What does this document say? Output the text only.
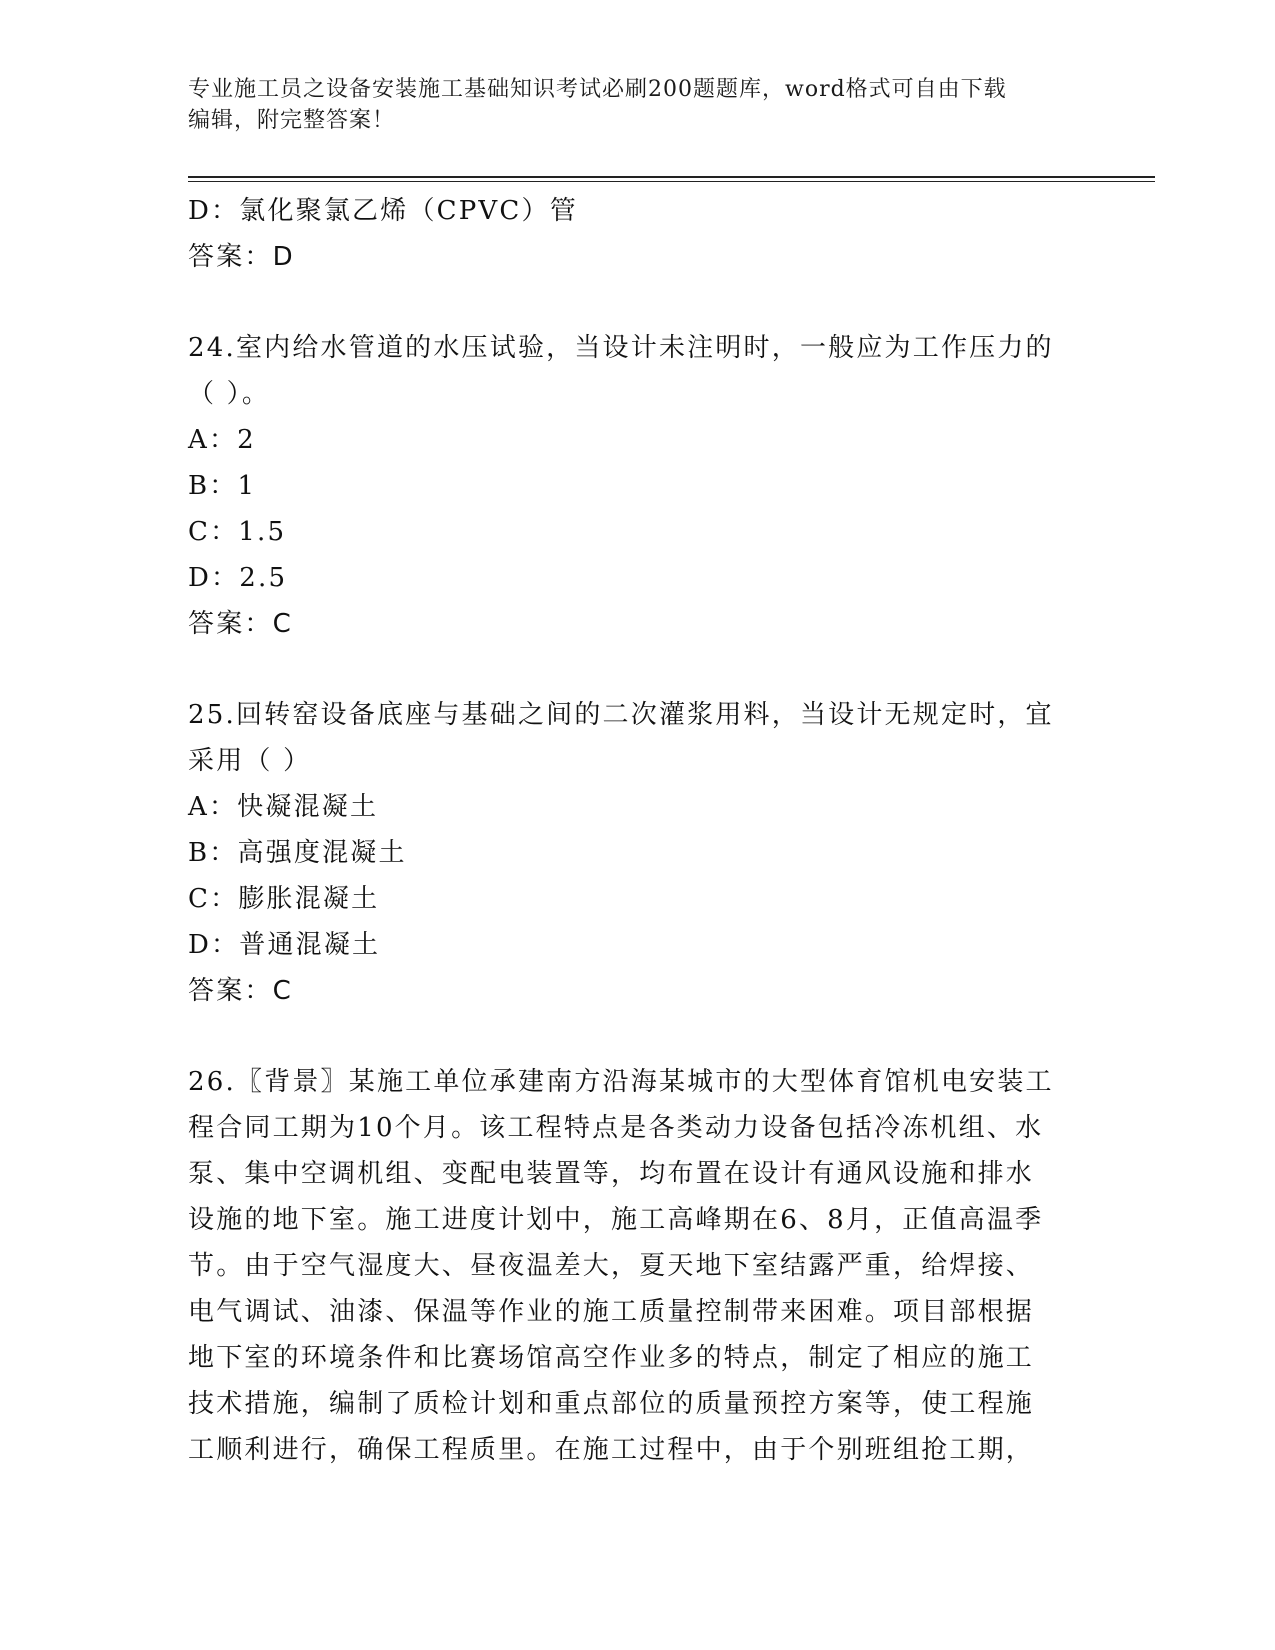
专业施工员之设备安装施工基础知识考试必刷200题题库，word格式可自由下载
编辑，附完整答案！
D：氯化聚氯乙烯（CPVC）管
答案：D
24.室内给水管道的水压试验，当设计未注明时，一般应为工作压力的
（ ）。
A：2
B：1
C：1.5
D：2.5
答案：C
25.回转窑设备底座与基础之间的二次灌浆用料，当设计无规定时，宜
采用（ ）
A：快凝混凝土
B：高强度混凝土
C：膨胀混凝土
D：普通混凝土
答案：C
26.〖背景〗某施工单位承建南方沿海某城市的大型体育馆机电安装工
程合同工期为10个月。该工程特点是各类动力设备包括冷冻机组、水
泵、集中空调机组、变配电装置等，均布置在设计有通风设施和排水
设施的地下室。施工进度计划中，施工高峰期在6、8月，正值高温季
节。由于空气湿度大、昼夜温差大，夏天地下室结露严重，给焊接、
电气调试、油漆、保温等作业的施工质量控制带来困难。项目部根据
地下室的环境条件和比赛场馆高空作业多的特点，制定了相应的施工
技术措施，编制了质检计划和重点部位的质量预控方案等，使工程施
工顺利进行，确保工程质里。在施工过程中，由于个别班组抢工期，
